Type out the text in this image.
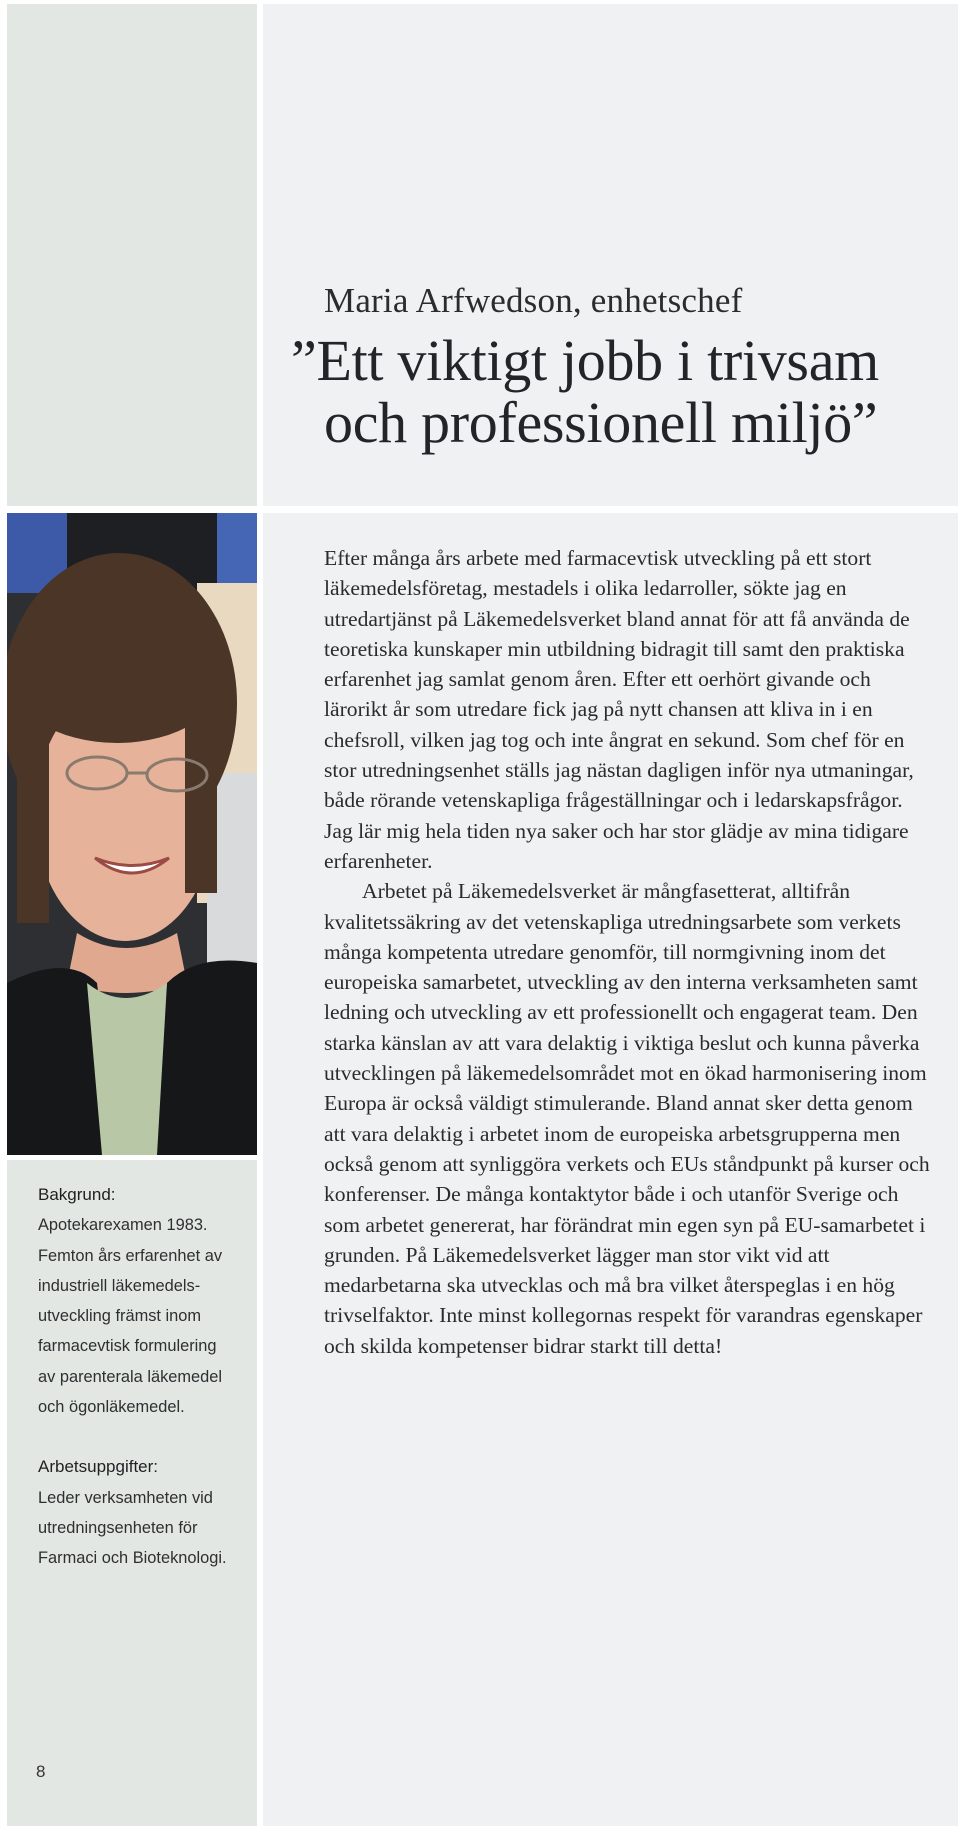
Maria Arfwedson, enhetschef
”Ett viktigt jobb i trivsam
och professionell miljö”

Efter många års arbete med farmacevtisk utveckling på ett stort läkemedelsföretag, mestadels i olika ledarroller, sökte jag en utredartjänst på Läkemedelsverket bland annat för att få använda de teoretiska kunskaper min utbildning bidragit till samt den praktiska erfarenhet jag samlat genom åren. Efter ett oerhört givande och lärorikt år som utredare fick jag på nytt chansen att kliva in i en chefsroll, vilken jag tog och inte ångrat en sekund. Som chef för en stor utredningsenhet ställs jag nästan dagligen inför nya utmaningar, både rörande vetenskapliga frågeställningar och i ledarskapsfrågor. Jag lär mig hela tiden nya saker och har stor glädje av mina tidigare erfarenheter.

Arbetet på Läkemedelsverket är mångfasetterat, alltifrån kvalitetssäkring av det vetenskapliga utredningsarbete som verkets många kompetenta utredare genomför, till normgivning inom det europeiska samarbetet, utveckling av den interna verksamheten samt ledning och utveckling av ett professionellt och engagerat team. Den starka känslan av att vara delaktig i viktiga beslut och kunna påverka utvecklingen på läkemedelsområdet mot en ökad harmonisering inom Europa är också väldigt stimulerande. Bland annat sker detta genom att vara delaktig i arbetet inom de europeiska arbetsgrupperna men också genom att synliggöra verkets och EUs ståndpunkt på kurser och konferenser. De många kontaktytor både i och utanför Sverige och som arbetet genererat, har förändrat min egen syn på EU-samarbetet i grunden. På Läkemedelsverket lägger man stor vikt vid att medarbetarna ska utvecklas och må bra vilket återspeglas i en hög trivselfaktor. Inte minst kollegornas respekt för varandras egenskaper och skilda kompetenser bidrar starkt till detta!

Bakgrund:
Apotekarexamen 1983.
Femton års erfarenhet av
industriell läkemedels-
utveckling främst inom
farmacevtisk formulering
av parenterala läkemedel
och ögonläkemedel.
Arbetsuppgifter:
Leder verksamheten vid
utredningsenheten för
Farmaci och Bioteknologi.
8
